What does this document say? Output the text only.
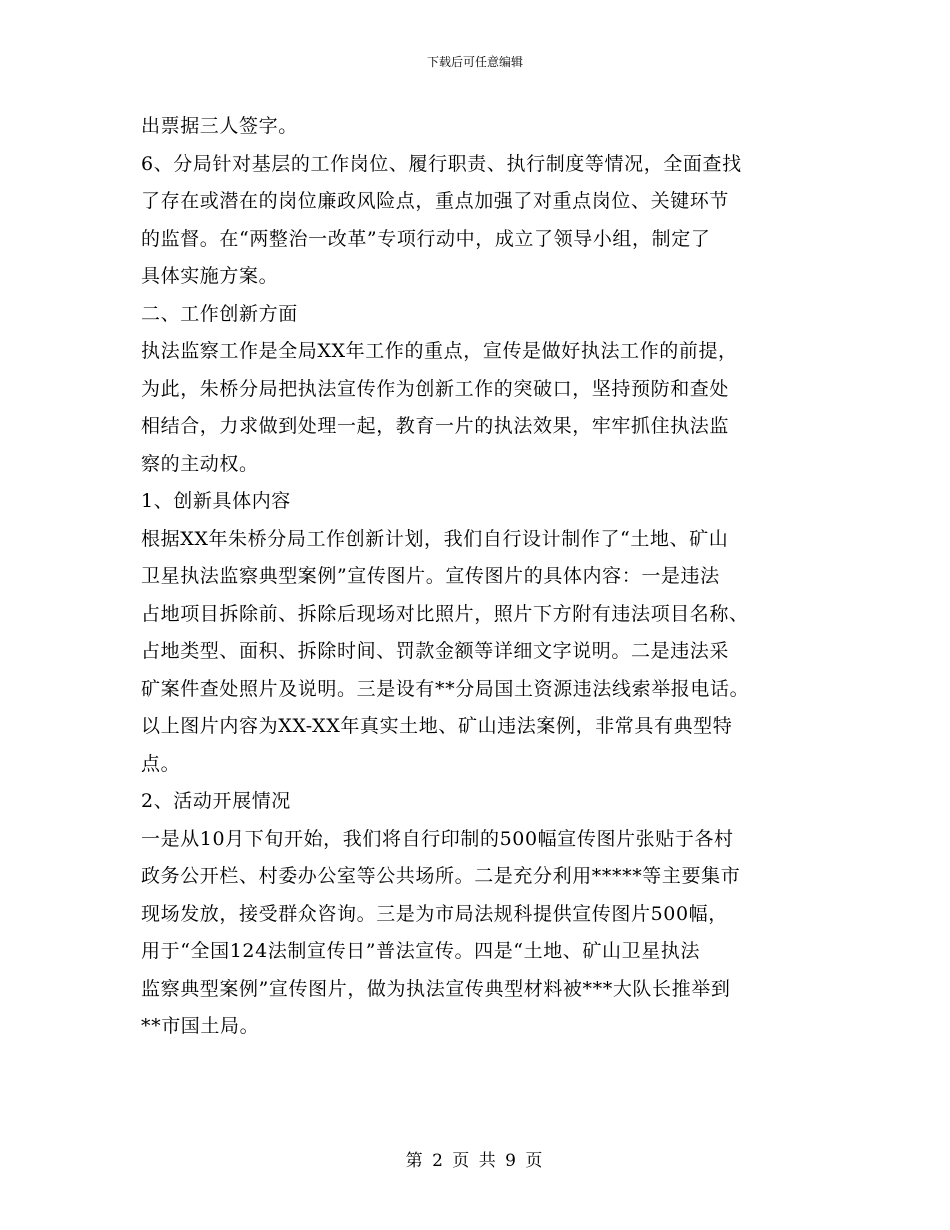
下载后可任意编辑
出票据三人签字。
6、分局针对基层的工作岗位、履行职责、执行制度等情况，全面查找
了存在或潜在的岗位廉政风险点，重点加强了对重点岗位、关键环节
的监督。在“两整治一改革”专项行动中，成立了领导小组，制定了
具体实施方案。
二、工作创新方面
执法监察工作是全局XX年工作的重点，宣传是做好执法工作的前提，
为此，朱桥分局把执法宣传作为创新工作的突破口，坚持预防和查处
相结合，力求做到处理一起，教育一片的执法效果，牢牢抓住执法监
察的主动权。
1、创新具体内容
根据XX年朱桥分局工作创新计划，我们自行设计制作了“土地、矿山
卫星执法监察典型案例”宣传图片。宣传图片的具体内容：一是违法
占地项目拆除前、拆除后现场对比照片，照片下方附有违法项目名称、
占地类型、面积、拆除时间、罚款金额等详细文字说明。二是违法采
矿案件查处照片及说明。三是设有**分局国土资源违法线索举报电话。
以上图片内容为XX-XX年真实土地、矿山违法案例，非常具有典型特
点。
2、活动开展情况
一是从10月下旬开始，我们将自行印制的500幅宣传图片张贴于各村
政务公开栏、村委办公室等公共场所。二是充分利用*****等主要集市
现场发放，接受群众咨询。三是为市局法规科提供宣传图片500幅，
用于“全国124法制宣传日”普法宣传。四是“土地、矿山卫星执法
监察典型案例”宣传图片，做为执法宣传典型材料被***大队长推举到
**市国土局。
第 2 页 共 9 页
